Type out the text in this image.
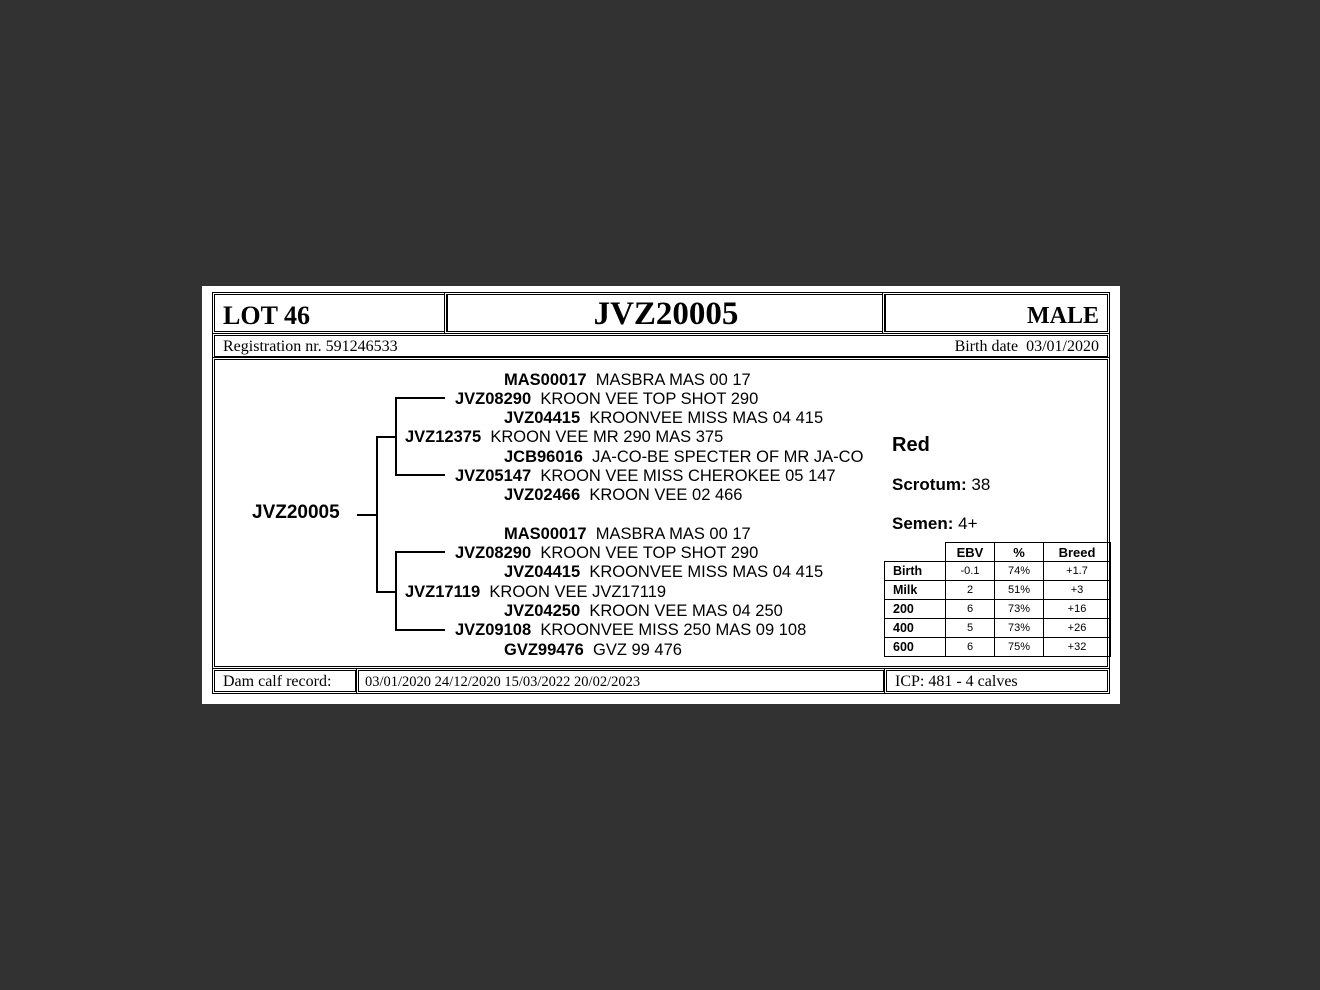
LOT 46	JVZ20005	MALE
Registration nr. 591246533	Birth date 03/01/2020
JVZ20005
MAS00017 MASBRA MAS 00 17
JVZ08290 KROON VEE TOP SHOT 290
JVZ04415 KROONVEE MISS MAS 04 415
JVZ12375 KROON VEE MR 290 MAS 375
JCB96016 JA-CO-BE SPECTER OF MR JA-CO
JVZ05147 KROON VEE MISS CHEROKEE 05 147
JVZ02466 KROON VEE 02 466
MAS00017 MASBRA MAS 00 17
JVZ08290 KROON VEE TOP SHOT 290
JVZ04415 KROONVEE MISS MAS 04 415
JVZ17119 KROON VEE JVZ17119
JVZ04250 KROON VEE MAS 04 250
JVZ09108 KROONVEE MISS 250 MAS 09 108
GVZ99476 GVZ 99 476
Red
Scrotum: 38
Semen: 4+
	EBV	%	Breed
Birth	-0.1	74%	+1.7
Milk	2	51%	+3
200	6	73%	+16
400	5	73%	+26
600	6	75%	+32
Dam calf record: 03/01/2020 24/12/2020 15/03/2022 20/02/2023	ICP: 481 - 4 calves
